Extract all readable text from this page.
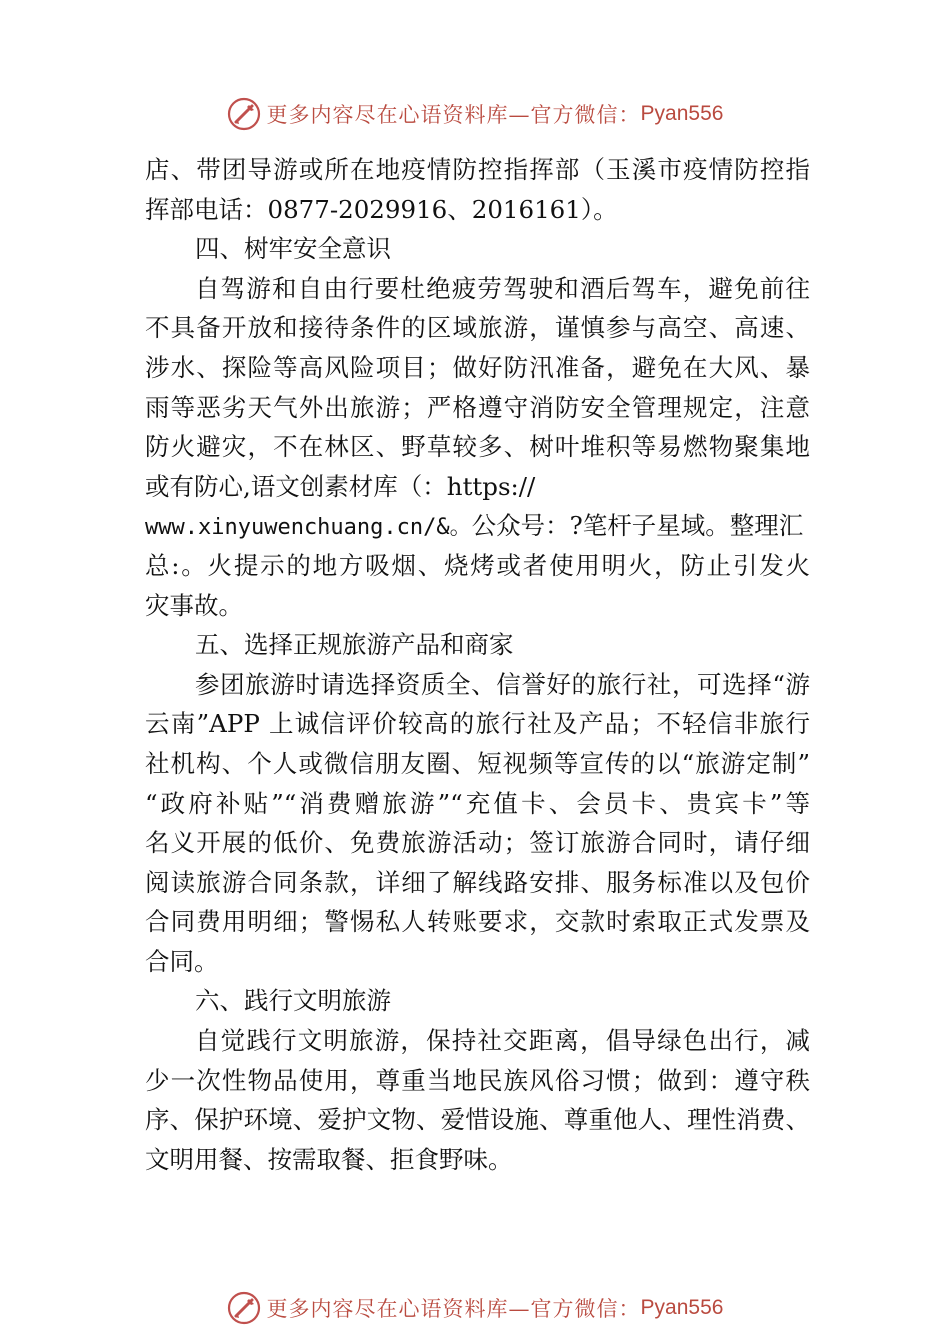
更多内容尽在心语资料库—官方微信： Pyan556
店、带团导游或所在地疫情防控指挥部（玉溪市疫情防控指
挥部电话：0877-2029916、2016161）。
四、树牢安全意识
自驾游和自由行要杜绝疲劳驾驶和酒后驾车，避免前往
不具备开放和接待条件的区域旅游，谨慎参与高空、高速、
涉水、探险等高风险项目；做好防汛准备，避免在大风、暴
雨等恶劣天气外出旅游；严格遵守消防安全管理规定，注意
防火避灾，不在林区、野草较多、树叶堆积等易燃物聚集地
或有防心,语文创素材库（：https://
www.xinyuwenchuang.cn/&。公众号：?笔杆子星域。整理汇
总:。火提示的地方吸烟、烧烤或者使用明火，防止引发火
灾事故。
五、选择正规旅游产品和商家
参团旅游时请选择资质全、信誉好的旅行社，可选择“游
云南”APP 上诚信评价较高的旅行社及产品；不轻信非旅行
社机构、个人或微信朋友圈、短视频等宣传的以“旅游定制”
“政府补贴”“消费赠旅游”“充值卡、会员卡、贵宾卡”等
名义开展的低价、免费旅游活动；签订旅游合同时，请仔细
阅读旅游合同条款，详细了解线路安排、服务标准以及包价
合同费用明细；警惕私人转账要求，交款时索取正式发票及
合同。
六、践行文明旅游
自觉践行文明旅游，保持社交距离，倡导绿色出行，减
少一次性物品使用，尊重当地民族风俗习惯；做到：遵守秩
序、保护环境、爱护文物、爱惜设施、尊重他人、理性消费、
文明用餐、按需取餐、拒食野味。
更多内容尽在心语资料库—官方微信： Pyan556
